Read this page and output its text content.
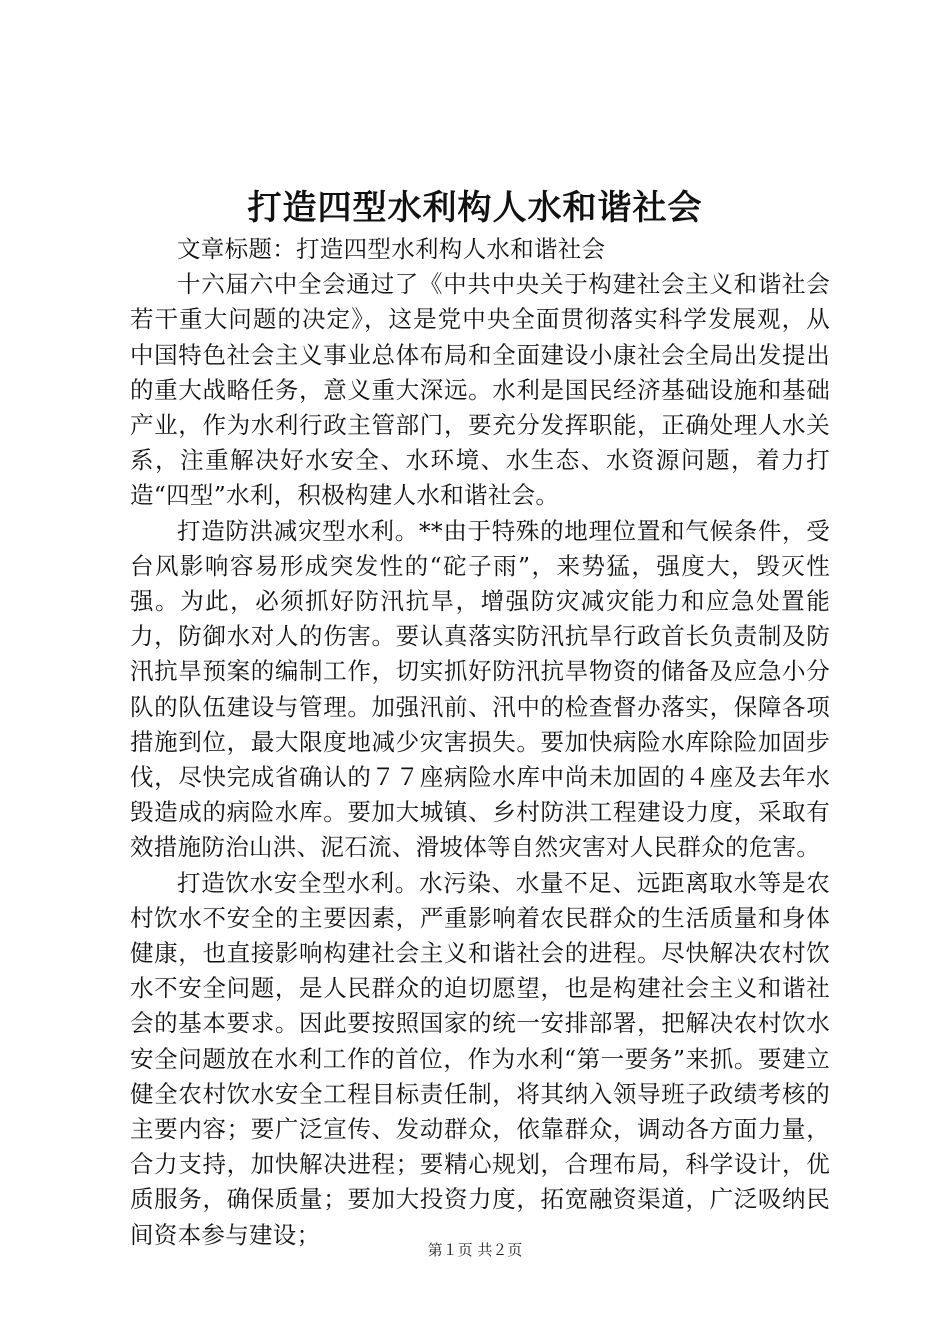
打造四型水利构人水和谐社会

文章标题：打造四型水利构人水和谐社会

十六届六中全会通过了《中共中央关于构建社会主义和谐社会若干重大问题的决定》，这是党中央全面贯彻落实科学发展观，从中国特色社会主义事业总体布局和全面建设小康社会全局出发提出的重大战略任务，意义重大深远。水利是国民经济基础设施和基础产业，作为水利行政主管部门，要充分发挥职能，正确处理人水关系，注重解决好水安全、水环境、水生态、水资源问题，着力打造“四型”水利，积极构建人水和谐社会。

打造防洪减灾型水利。**由于特殊的地理位置和气候条件，受台风影响容易形成突发性的“砣子雨”，来势猛，强度大，毁灭性强。为此，必须抓好防汛抗旱，增强防灾减灾能力和应急处置能力，防御水对人的伤害。要认真落实防汛抗旱行政首长负责制及防汛抗旱预案的编制工作，切实抓好防汛抗旱物资的储备及应急小分队的队伍建设与管理。加强汛前、汛中的检查督办落实，保障各项措施到位，最大限度地减少灾害损失。要加快病险水库除险加固步伐，尽快完成省确认的７７座病险水库中尚未加固的４座及去年水毁造成的病险水库。要加大城镇、乡村防洪工程建设力度，采取有效措施防治山洪、泥石流、滑坡体等自然灾害对人民群众的危害。

打造饮水安全型水利。水污染、水量不足、远距离取水等是农村饮水不安全的主要因素，严重影响着农民群众的生活质量和身体健康，也直接影响构建社会主义和谐社会的进程。尽快解决农村饮水不安全问题，是人民群众的迫切愿望，也是构建社会主义和谐社会的基本要求。因此要按照国家的统一安排部署，把解决农村饮水安全问题放在水利工作的首位，作为水利“第一要务”来抓。要建立健全农村饮水安全工程目标责任制，将其纳入领导班子政绩考核的主要内容；要广泛宣传、发动群众，依靠群众，调动各方面力量，合力支持，加快解决进程；要精心规划，合理布局，科学设计，优质服务，确保质量；要加大投资力度，拓宽融资渠道，广泛吸纳民间资本参与建设；

第１页 共２页
